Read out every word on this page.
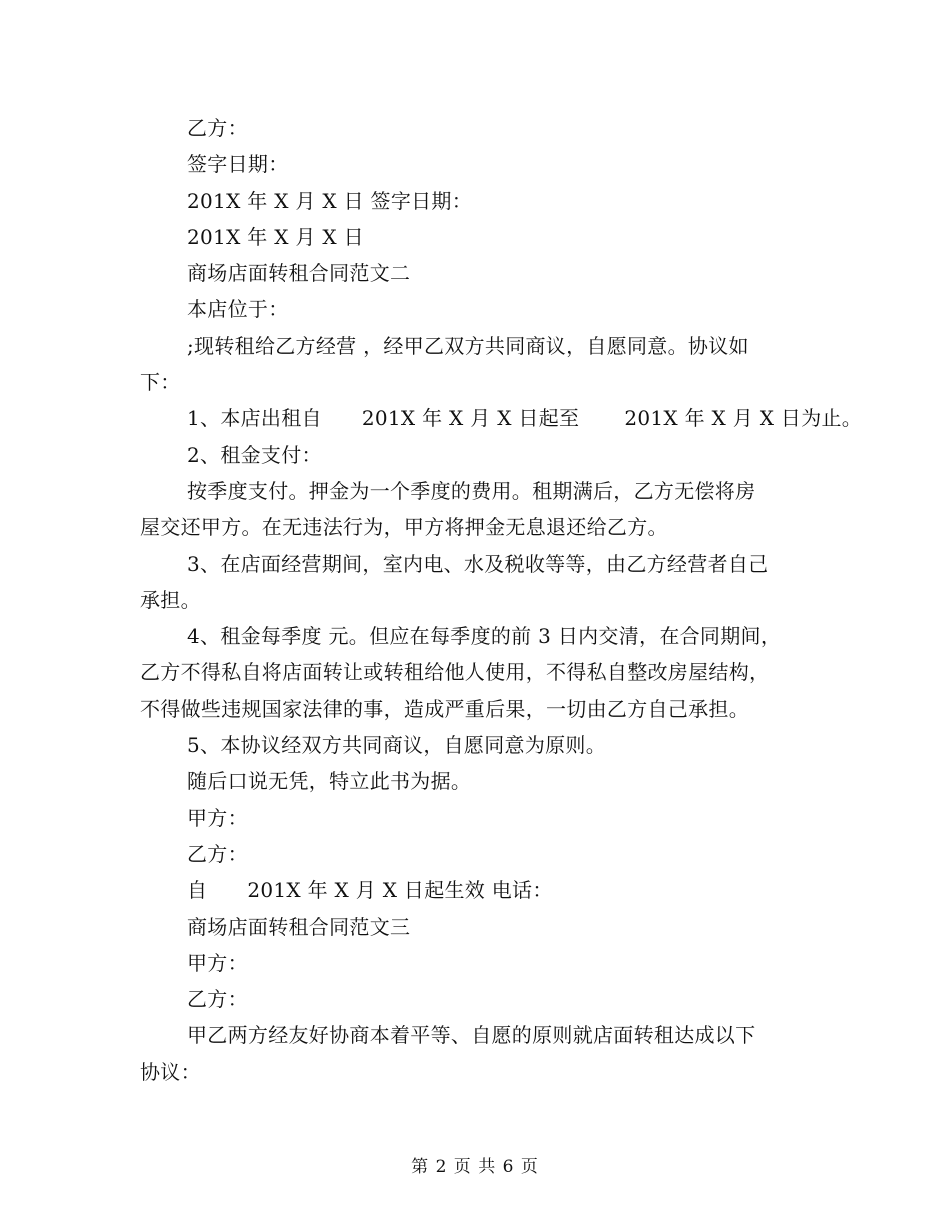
乙方：
签字日期：
201X 年 X 月 X 日 签字日期：
201X 年 X 月 X 日
商场店面转租合同范文二
本店位于：
;现转租给乙方经营 ，经甲乙双方共同商议，自愿同意。协议如
下：
1、本店出租自 201X 年 X 月 X 日起至 201X 年 X 月 X 日为止。
2、租金支付：
按季度支付。押金为一个季度的费用。租期满后，乙方无偿将房
屋交还甲方。在无违法行为，甲方将押金无息退还给乙方。
3、在店面经营期间，室内电、水及税收等等，由乙方经营者自己
承担。
4、租金每季度 元。但应在每季度的前 3 日内交清，在合同期间，
乙方不得私自将店面转让或转租给他人使用，不得私自整改房屋结构，
不得做些违规国家法律的事，造成严重后果，一切由乙方自己承担。
5、本协议经双方共同商议，自愿同意为原则。
随后口说无凭，特立此书为据。
甲方：
乙方：
自 201X 年 X 月 X 日起生效 电话：
商场店面转租合同范文三
甲方：
乙方：
甲乙两方经友好协商本着平等、自愿的原则就店面转租达成以下
协议：
第 2 页 共 6 页
